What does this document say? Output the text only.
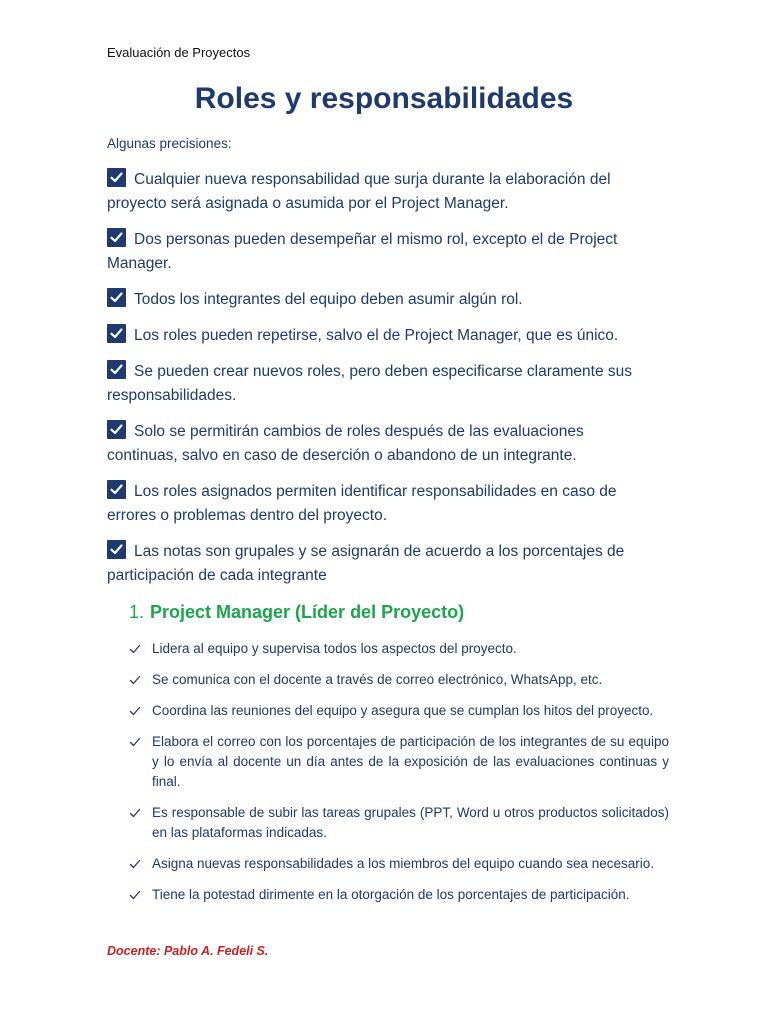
Evaluación de Proyectos
Roles y responsabilidades
Algunas precisiones:
Cualquier nueva responsabilidad que surja durante la elaboración del proyecto será asignada o asumida por el Project Manager.
Dos personas pueden desempeñar el mismo rol, excepto el de Project Manager.
Todos los integrantes del equipo deben asumir algún rol.
Los roles pueden repetirse, salvo el de Project Manager, que es único.
Se pueden crear nuevos roles, pero deben especificarse claramente sus responsabilidades.
Solo se permitirán cambios de roles después de las evaluaciones continuas, salvo en caso de deserción o abandono de un integrante.
Los roles asignados permiten identificar responsabilidades en caso de errores o problemas dentro del proyecto.
Las notas son grupales y se asignarán de acuerdo a los porcentajes de participación de cada integrante
1. Project Manager (Líder del Proyecto)
Lidera al equipo y supervisa todos los aspectos del proyecto.
Se comunica con el docente a través de correo electrónico, WhatsApp, etc.
Coordina las reuniones del equipo y asegura que se cumplan los hitos del proyecto.
Elabora el correo con los porcentajes de participación de los integrantes de su equipo y lo envía al docente un día antes de la exposición de las evaluaciones continuas y final.
Es responsable de subir las tareas grupales (PPT, Word u otros productos solicitados) en las plataformas indicadas.
Asigna nuevas responsabilidades a los miembros del equipo cuando sea necesario.
Tiene la potestad dirimente en la otorgación de los porcentajes de participación.
Docente: Pablo A. Fedeli S.
